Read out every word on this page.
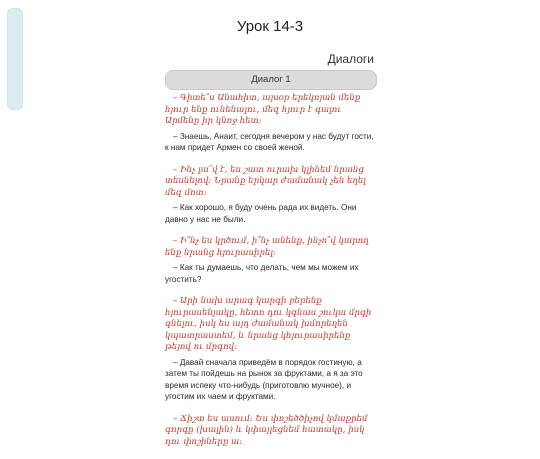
Урок 14-3
Диалоги
Диалог 1

– Գիտե՞ս Անահիտ, այսօր երեկոյան մենք հյուր ենք ունենալու, մեզ հյուր է գալու Արմենը իր կնոջ հետ:

– Знаешь, Анаит, сегодня вечером у нас будут гости, к нам придет Армен со своей женой.

– Ինչ լա՜վ է, ես շատ ուրախ կլինեմ նրանց տեսնելով: Նրանք երկար ժամանակ չեն եղել մեզ մոտ:

– Как хорошо, я буду очень рада их видеть. Они давно у нас не были.

– Ի՞նչ ես կրծում, ի՞նչ անենք, ինչո՞վ կարող ենք նրանց հյուրասիրել:

– Как ты думаешь, что делать, чем мы можем их угостить?

– Արի նախ արագ կարգի բերենք հյուրասենյակը, հետո դու կգնաս շուկա մրգի գնելու, իսկ ես այդ ժամանակ խմորեղեն կպատրաստեմ, և նրանց կհյուրասիրենք թեյով ու մրգով:

– Давай сначала приведём в порядок гостиную, а затем ты пойдешь на рынок за фруктами, а я за это время испеку что-нибудь (приготовлю мучное), и угостим их чаем и фруктами.

– Ճիշտ ես ասում: Ես փոշեծծիչով կմաքրեմ գորգը (խալին) և կփայլեցնեմ հատակը, իսկ դու փոշիները ա:
